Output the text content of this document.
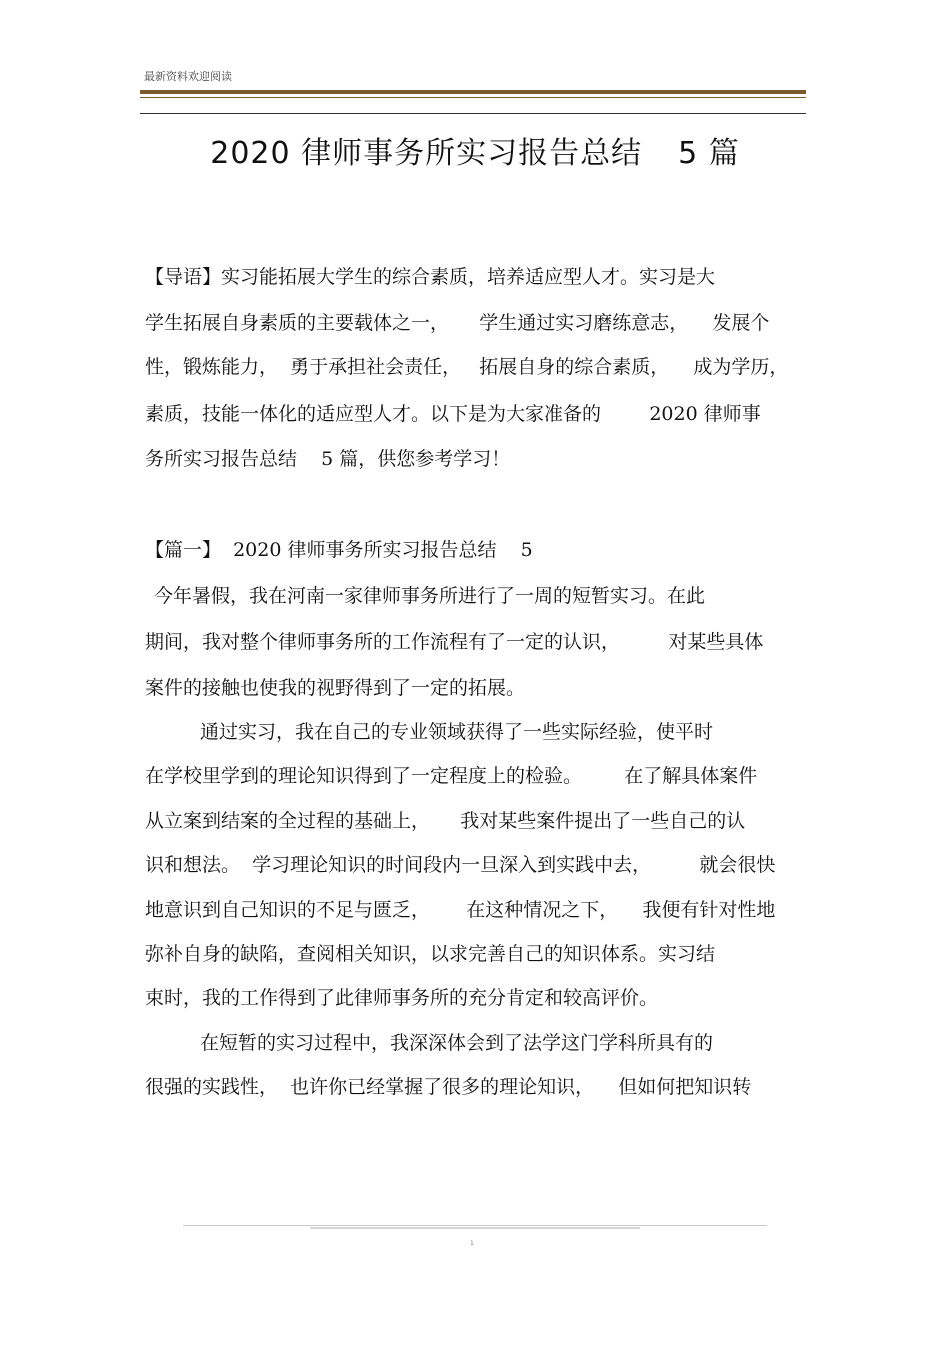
最新资料欢迎阅读
2020 律师事务所实习报告总结 5 篇
【导语】实习能拓展大学生的综合素质，培养适应型人才。实习是大
学生拓展自身素质的主要载体之一，     学生通过实习磨练意志，    发展个
性，锻炼能力，  勇于承担社会责任，   拓展自身的综合素质，    成为学历，
素质，技能一体化的适应型人才。以下是为大家准备的        2020 律师事
务所实习报告总结    5 篇，供您参考学习！
【篇一】  2020 律师事务所实习报告总结    5
今年暑假，我在河南一家律师事务所进行了一周的短暂实习。在此
期间，我对整个律师事务所的工作流程有了一定的认识，        对某些具体
案件的接触也使我的视野得到了一定的拓展。
通过实习，我在自己的专业领域获得了一些实际经验，使平时
在学校里学到的理论知识得到了一定程度上的检验。       在了解具体案件
从立案到结案的全过程的基础上，     我对某些案件提出了一些自己的认
识和想法。  学习理论知识的时间段内一旦深入到实践中去，        就会很快
地意识到自己知识的不足与匮乏，      在这种情况之下，    我便有针对性地
弥补自身的缺陷，查阅相关知识，以求完善自己的知识体系。实习结
束时，我的工作得到了此律师事务所的充分肯定和较高评价。
在短暂的实习过程中，我深深体会到了法学这门学科所具有的
很强的实践性，  也许你已经掌握了很多的理论知识，    但如何把知识转
1
